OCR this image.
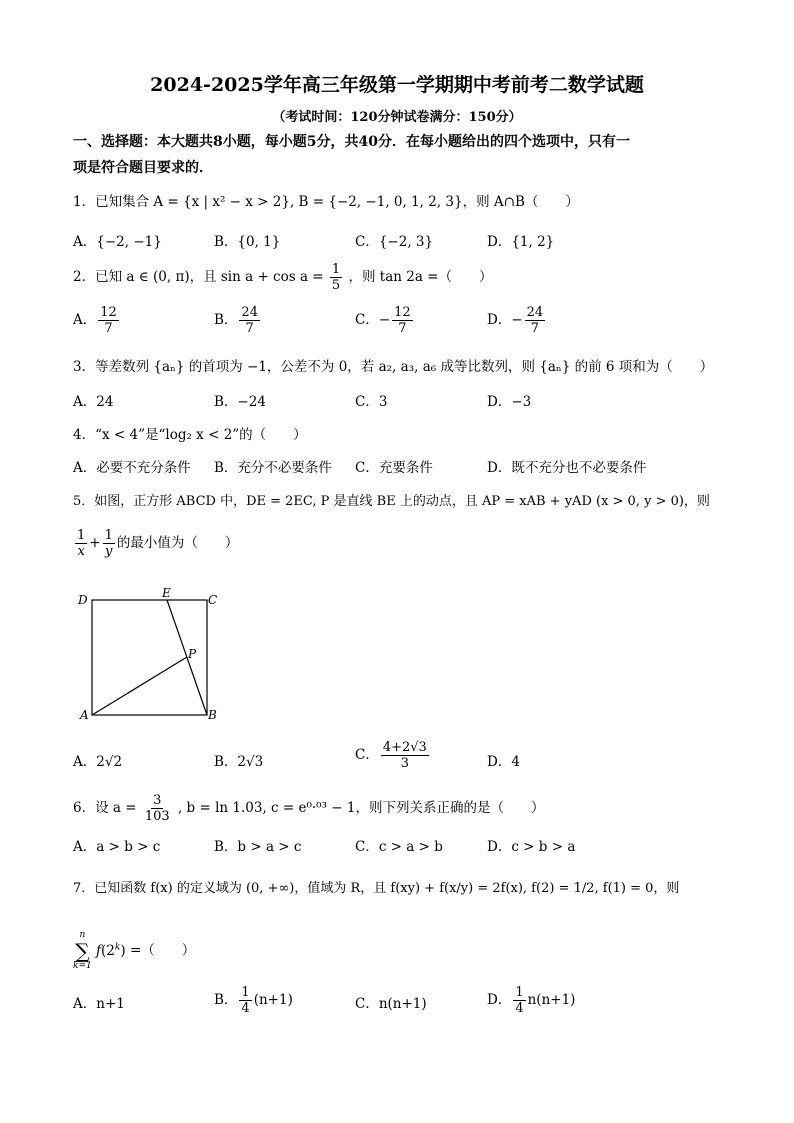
2024-2025学年高三年级第一学期期中考前考二数学试题
（考试时间：120分钟试卷满分：150分）
一、选择题：本大题共8小题，每小题5分，共40分．在每小题给出的四个选项中，只有一
项是符合题目要求的．
1．已知集合 A = {x | x² − x > 2}, B = {−2, −1, 0, 1, 2, 3}，则 A∩B（　　）
A．{−2, −1}	B．{0, 1}	C．{−2, 3}	D．{1, 2}
2．已知 a ∈ (0, π)，且 $\sin a + \cos a = \frac{1}{5}$ ，则 tan 2a =（　　）
A． $\frac{12}{7}$	B． $\frac{24}{7}$	C．− $\frac{12}{7}$	D．− $\frac{24}{7}$
3．等差数列 {aₙ} 的首项为 −1，公差不为 0，若 a₂, a₃, a₆ 成等比数列，则 {aₙ} 的前 6 项和为（　　）
A．24	B．−24	C．3	D．−3
4．“x < 4”是“log₂ x < 2”的（　　）
A．必要不充分条件 B．充分不必要条件 C．充要条件	D．既不充分也不必要条件
5．如图，正方形 ABCD 中，DE = 2EC, P 是直线 BE 上的动点，且 AP = xAB + yAD (x > 0, y > 0)，则
$\frac{1}{x} + \frac{1}{y}$ 的最小值为（　　）
D	E	C
P
A	B
A．2√2	B．2√3	C． $\frac{4+2√3}{3}$	D．4
6．设 $a = \frac{3}{103}$ , b = ln 1.03, c = e⁰·⁰³ − 1，则下列关系正确的是（　　）
A．a > b > c	B．b > a > c	C．c > a > b	D．c > b > a
7．已知函数 f(x) 的定义域为 (0, +∞)，值域为 R，且 f(xy) + f(x/y) = 2f(x), f(2) = 1/2, f(1) = 0，则
n
∑
k=1
$f(2^k)$ =（　　）
A．n+1	B． $\frac{1}{4} (n+1)$	C．n(n+1)	D． $\frac{1}{4} n(n+1)$
